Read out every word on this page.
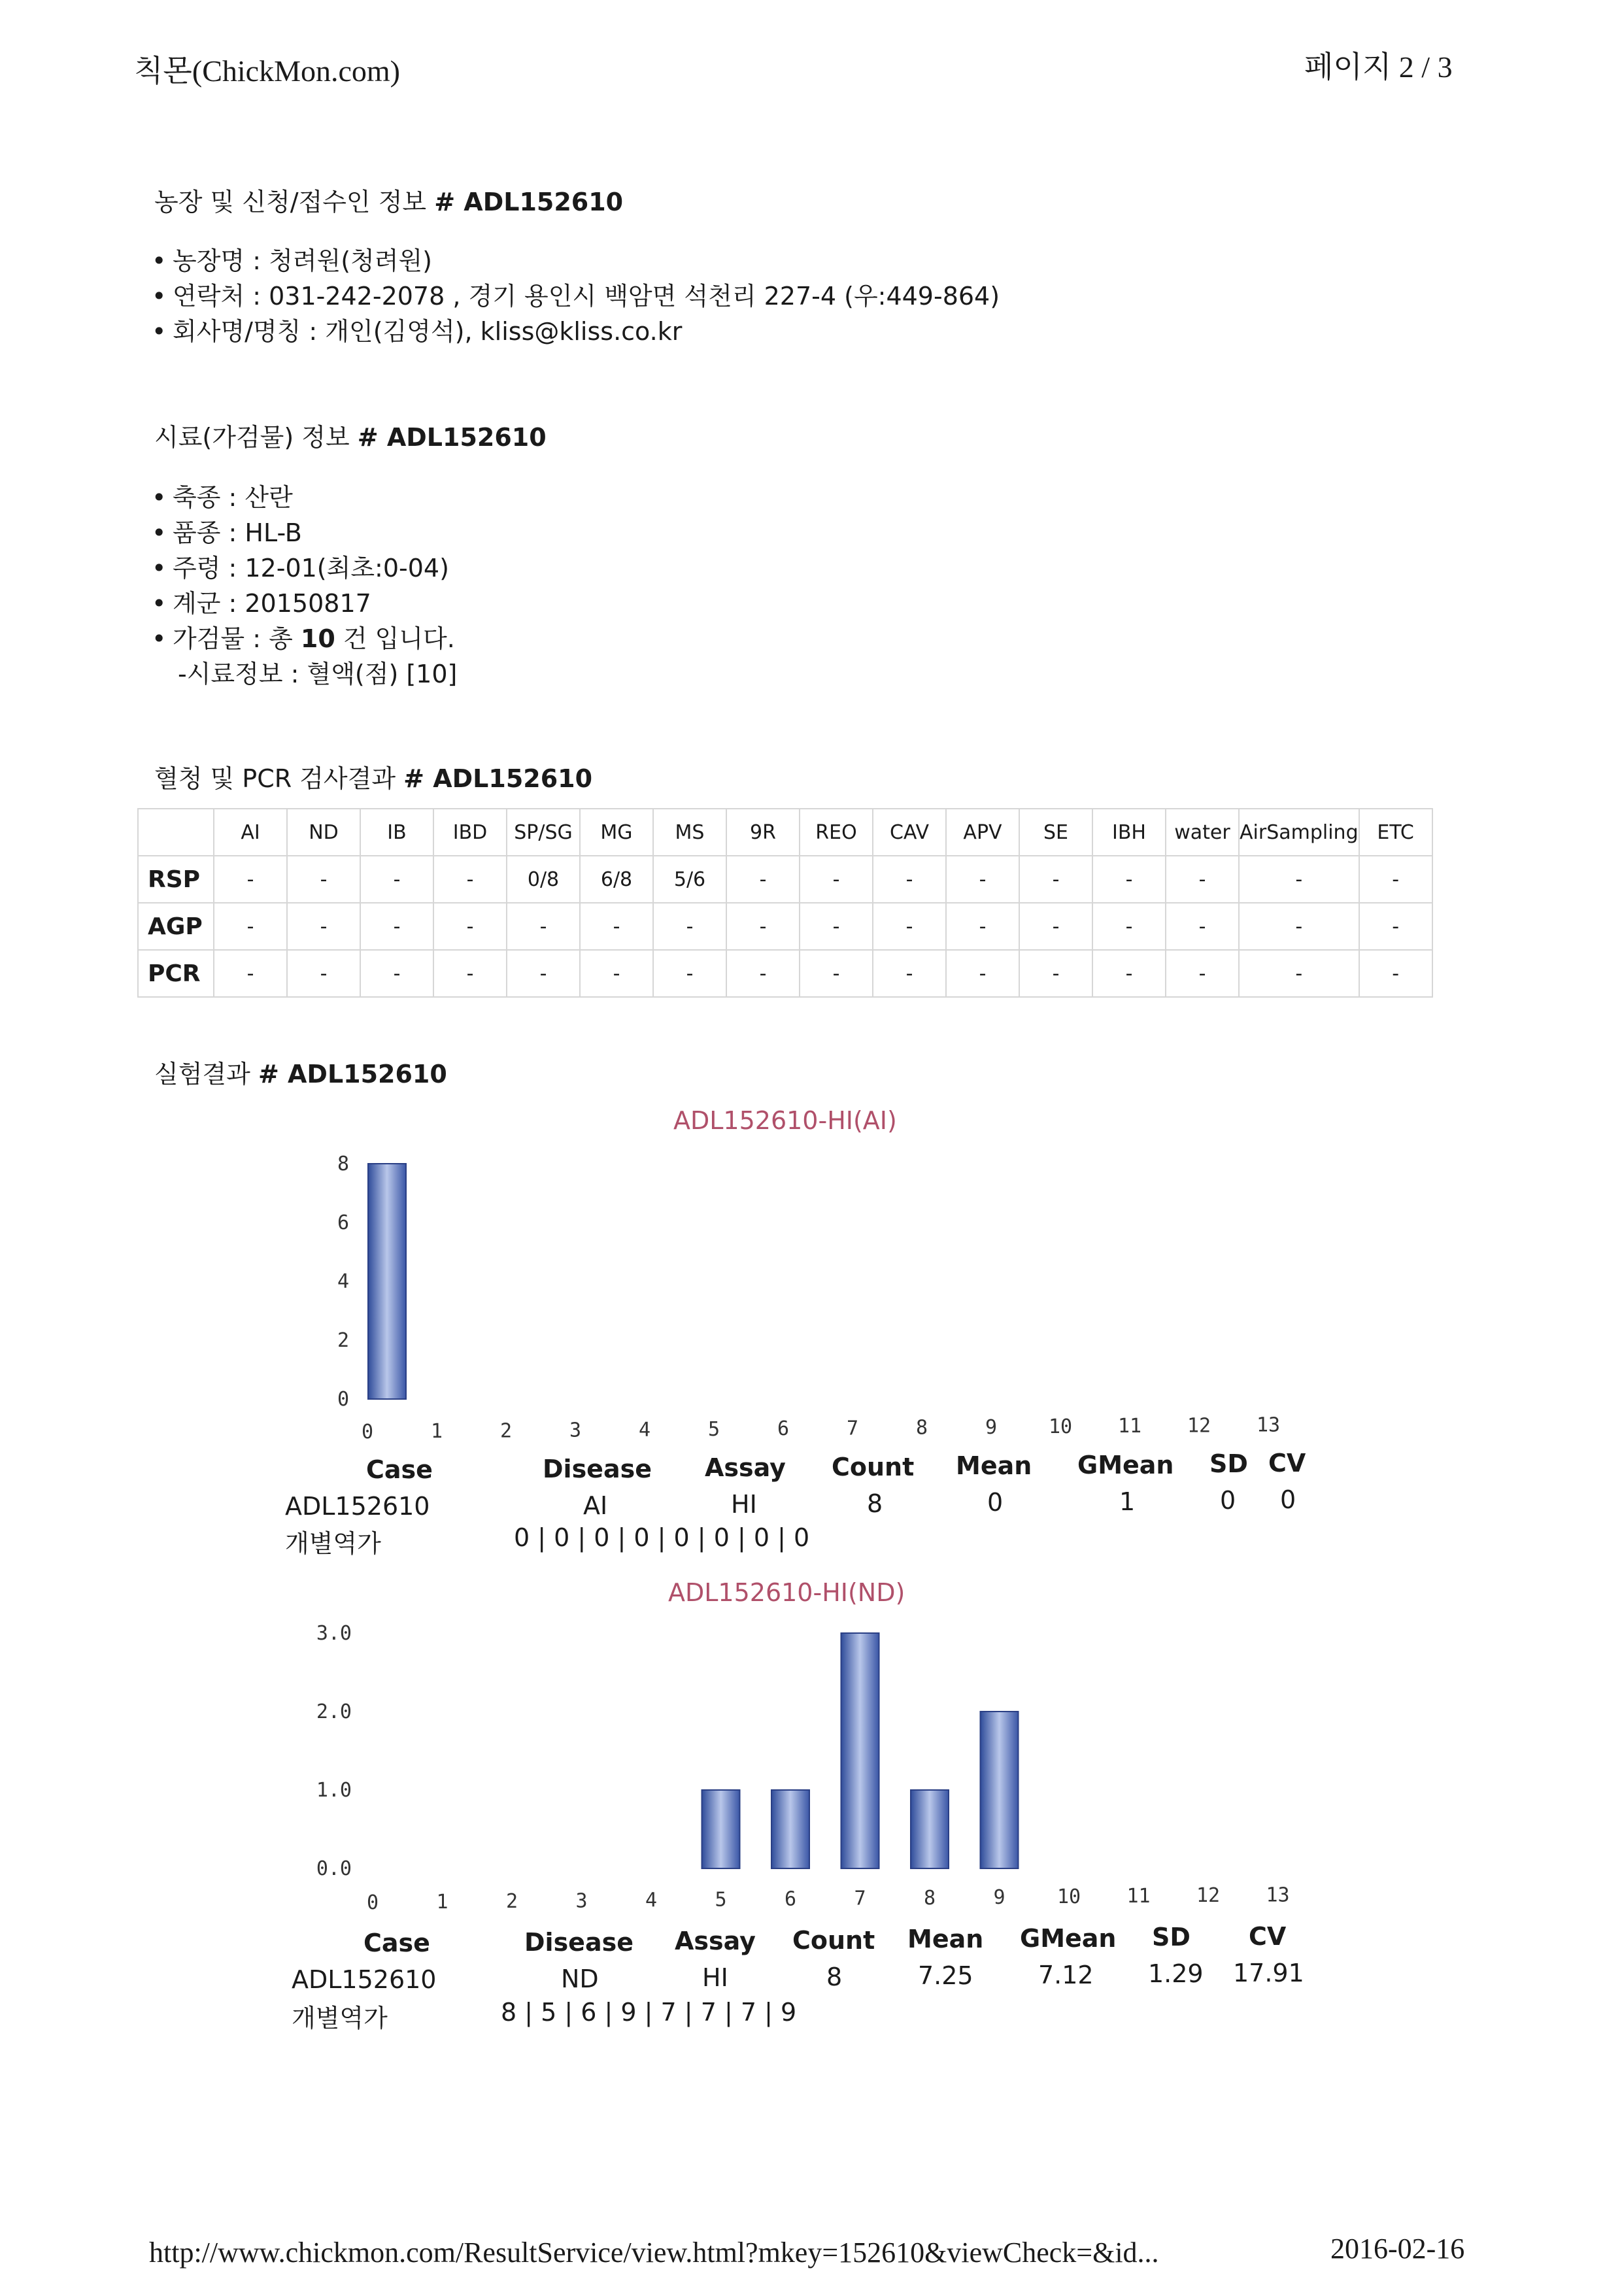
칙몬(ChickMon.com)	페이지 2 / 3
농장 및 신청/접수인 정보 # ADL152610
• 농장명 : 청려원(청려원)
• 연락처 : 031-242-2078 , 경기 용인시 백암면 석천리 227-4 (우:449-864)
• 회사명/명칭 : 개인(김영석), kliss@kliss.co.kr
시료(가검물) 정보 # ADL152610
• 축종 : 산란
• 품종 : HL-B
• 주령 : 12-01(최초:0-04)
• 계군 : 20150817
• 가검물 : 총 10 건 입니다.
-시료정보 : 혈액(점) [10]
혈청 및 PCR 검사결과 # ADL152610
	AI	ND	IB	IBD	SP/SG	MG	MS	9R	REO	CAV	APV	SE	IBH	water	AirSampling	ETC
RSP	-	-	-	-	0/8	6/8	5/6	-	-	-	-	-	-	-	-	-
AGP	-	-	-	-	-	-	-	-	-	-	-	-	-	-	-	-
PCR	-	-	-	-	-	-	-	-	-	-	-	-	-	-	-	-
실험결과 # ADL152610
ADL152610-HI(AI)
0
2
4
6
8
0	1	2	3	4	5	6	7	8	9	10 11 12 13
Case	Disease Assay Count Mean GMean SD CV
ADL152610	AI	HI	8	0	1	0 0
개별역가	0 | 0 | 0 | 0 | 0 | 0 | 0 | 0
ADL152610-HI(ND)
0.0
1.0
2.0
3.0
0	1	2	3	4	5	6	7	8	9	10 11 12 13
Case	Disease Assay Count Mean GMean SD CV
ADL152610	ND	HI	8	7.25	7.12 1.29 17.91
개별역가	8 | 5 | 6 | 9 | 7 | 7 | 7 | 9
http://www.chickmon.com/ResultService/view.html?mkey=152610&viewCheck=&id...	2016-02-16
